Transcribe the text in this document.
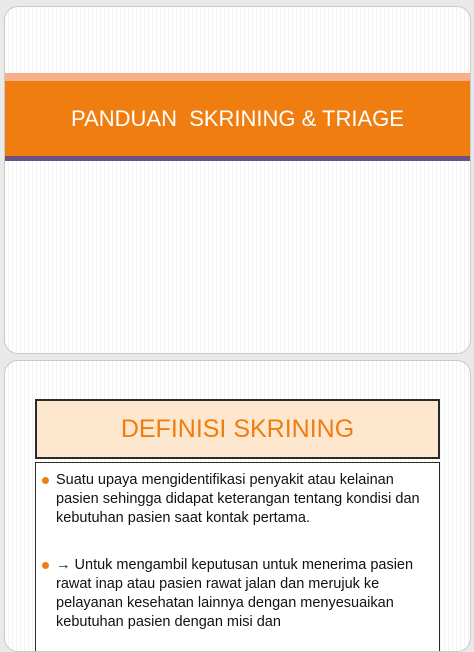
PANDUAN  SKRINING & TRIAGE
DEFINISI SKRINING
Suatu upaya mengidentifikasi penyakit atau kelainan pasien sehingga didapat keterangan tentang kondisi dan kebutuhan pasien saat kontak pertama.
→ Untuk mengambil keputusan untuk menerima pasien rawat inap atau pasien rawat jalan dan merujuk ke pelayanan kesehatan lainnya dengan menyesuaikan kebutuhan pasien dengan misi dan
